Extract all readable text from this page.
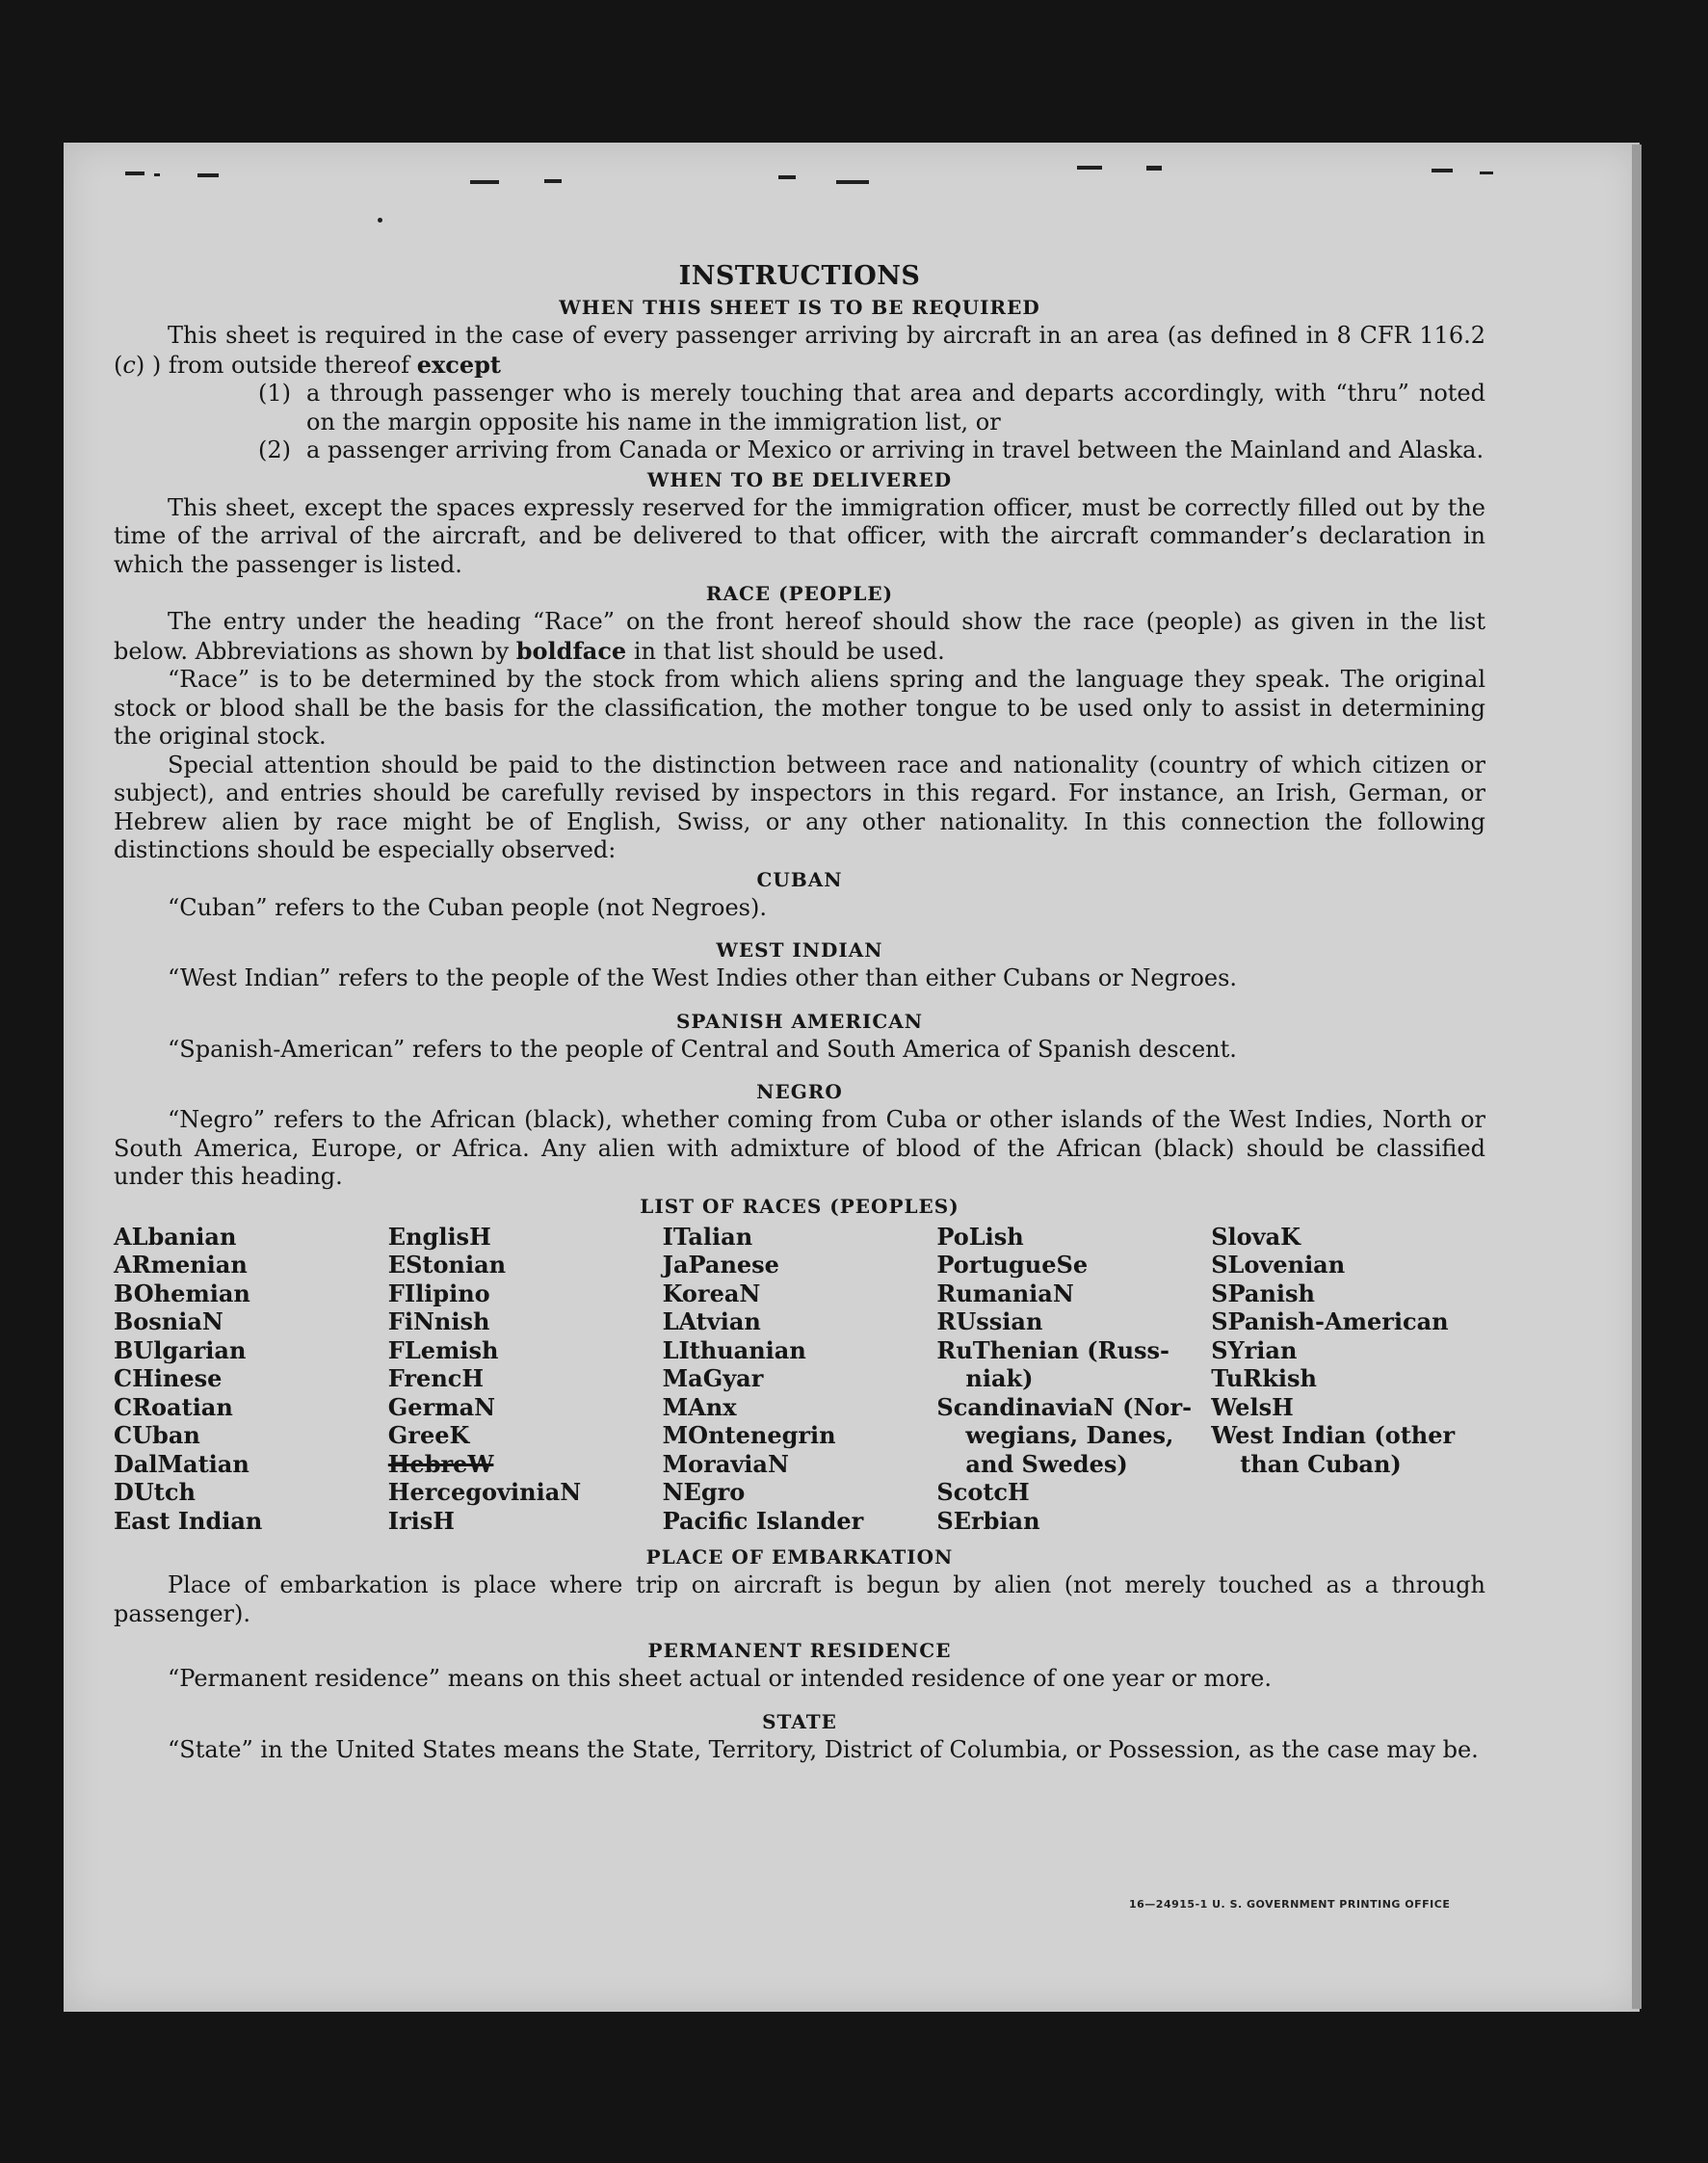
INSTRUCTIONS
WHEN THIS SHEET IS TO BE REQUIRED

This sheet is required in the case of every passenger arriving by aircraft in an area (as defined in 8 CFR 116.2 (c) ) from outside thereof except

(1) a through passenger who is merely touching that area and departs accordingly, with “thru” noted on the margin opposite his name in the immigration list, or
(2) a passenger arriving from Canada or Mexico or arriving in travel between the Mainland and Alaska.
WHEN TO BE DELIVERED

This sheet, except the spaces expressly reserved for the immigration officer, must be correctly filled out by the time of the arrival of the aircraft, and be delivered to that officer, with the aircraft commander’s declaration in which the passenger is listed.

RACE (PEOPLE)

The entry under the heading “Race” on the front hereof should show the race (people) as given in the list below. Abbreviations as shown by boldface in that list should be used.

“Race” is to be determined by the stock from which aliens spring and the language they speak. The original stock or blood shall be the basis for the classification, the mother tongue to be used only to assist in determining the original stock.

Special attention should be paid to the distinction between race and nationality (country of which citizen or subject), and entries should be carefully revised by inspectors in this regard. For instance, an Irish, German, or Hebrew alien by race might be of English, Swiss, or any other nationality. In this connection the following distinctions should be especially observed:

CUBAN

“Cuban” refers to the Cuban people (not Negroes).

WEST INDIAN

“West Indian” refers to the people of the West Indies other than either Cubans or Negroes.

SPANISH AMERICAN

“Spanish-American” refers to the people of Central and South America of Spanish descent.

NEGRO

“Negro” refers to the African (black), whether coming from Cuba or other islands of the West Indies, North or South America, Europe, or Africa. Any alien with admixture of blood of the African (black) should be classified under this heading.

LIST OF RACES (PEOPLES)
ALbanian
ARmenian
BOhemian
BosniaN
BUlgarian
CHinese
CRoatian
CUban
DalMatian
DUtch
East Indian
EnglisH
EStonian
FIlipino
FiNnish
FLemish
FrencH
GermaN
GreeK
HebreW
HercegoviniaN
IrisH
ITalian
JaPanese
KoreaN
LAtvian
LIthuanian
MaGyar
MAnx
MOntenegrin
MoraviaN
NEgro
Pacific Islander
PoLish
PortugueSe
RumaniaN
RUssian
RuThenian (Russ-
niak)
ScandinaviaN (Nor-
wegians, Danes,
and Swedes)
ScotcH
SErbian
SlovaK
SLovenian
SPanish
SPanish-American
SYrian
TuRkish
WelsH
West Indian (other
than Cuban)
PLACE OF EMBARKATION

Place of embarkation is place where trip on aircraft is begun by alien (not merely touched as a through passenger).

PERMANENT RESIDENCE

“Permanent residence” means on this sheet actual or intended residence of one year or more.

STATE

“State” in the United States means the State, Territory, District of Columbia, or Possession, as the case may be.

16—24915-1 U. S. GOVERNMENT PRINTING OFFICE
